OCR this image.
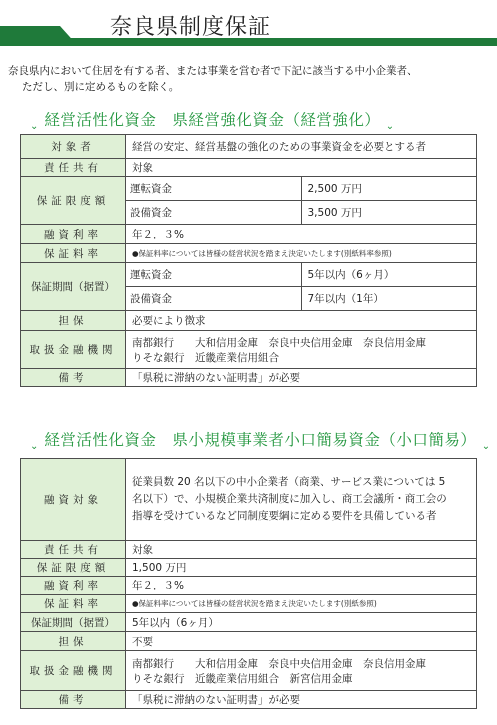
奈良県制度保証
奈良県内において住居を有する者、または事業を営む者で下記に該当する中小企業者、
ただし、別に定めるものを除く。
$_⌄$ 経営活性化資金　県経営強化資金（経営強化） $_⌄$
対象者	経営の安定、経営基盤の強化のための事業資金を必要とする者	
責任共有	対象	
保証限度額	運転資金	2,500 万円
	設備資金	3,500 万円
融資利率	年２．３%	
保証料率	●保証料率については皆様の経営状況を踏まえ決定いたします(別紙料率参照)	
保証期間（据置）	運転資金	5年以内（6ヶ月）
	設備資金	7年以内（1年）
担保	必要により徴求	
取扱金融機関	南都銀行　　大和信用金庫　奈良中央信用金庫　奈良信用金庫
りそな銀行　近畿産業信用組合	

備考	「県税に滞納のない証明書」が必要	
$_⌄$ 経営活性化資金　県小規模事業者小口簡易資金（小口簡易） $_⌄$
融資対象	従業員数 20 名以下の中小企業者（商業、サービス業については 5
名以下）で、小規模企業共済制度に加入し、商工会議所・商工会の
指導を受けているなど同制度要綱に定める要件を具備している者

責任共有	対象
保証限度額	1,500 万円
融資利率	年２．３%
保証料率	●保証料率については皆様の経営状況を踏まえ決定いたします(別紙参照)
保証期間（据置）	5年以内（6ヶ月）
担保	不要
取扱金融機関	南都銀行　　大和信用金庫　奈良中央信用金庫　奈良信用金庫
りそな銀行　近畿産業信用組合　新宮信用金庫

備考	「県税に滞納のない証明書」が必要
